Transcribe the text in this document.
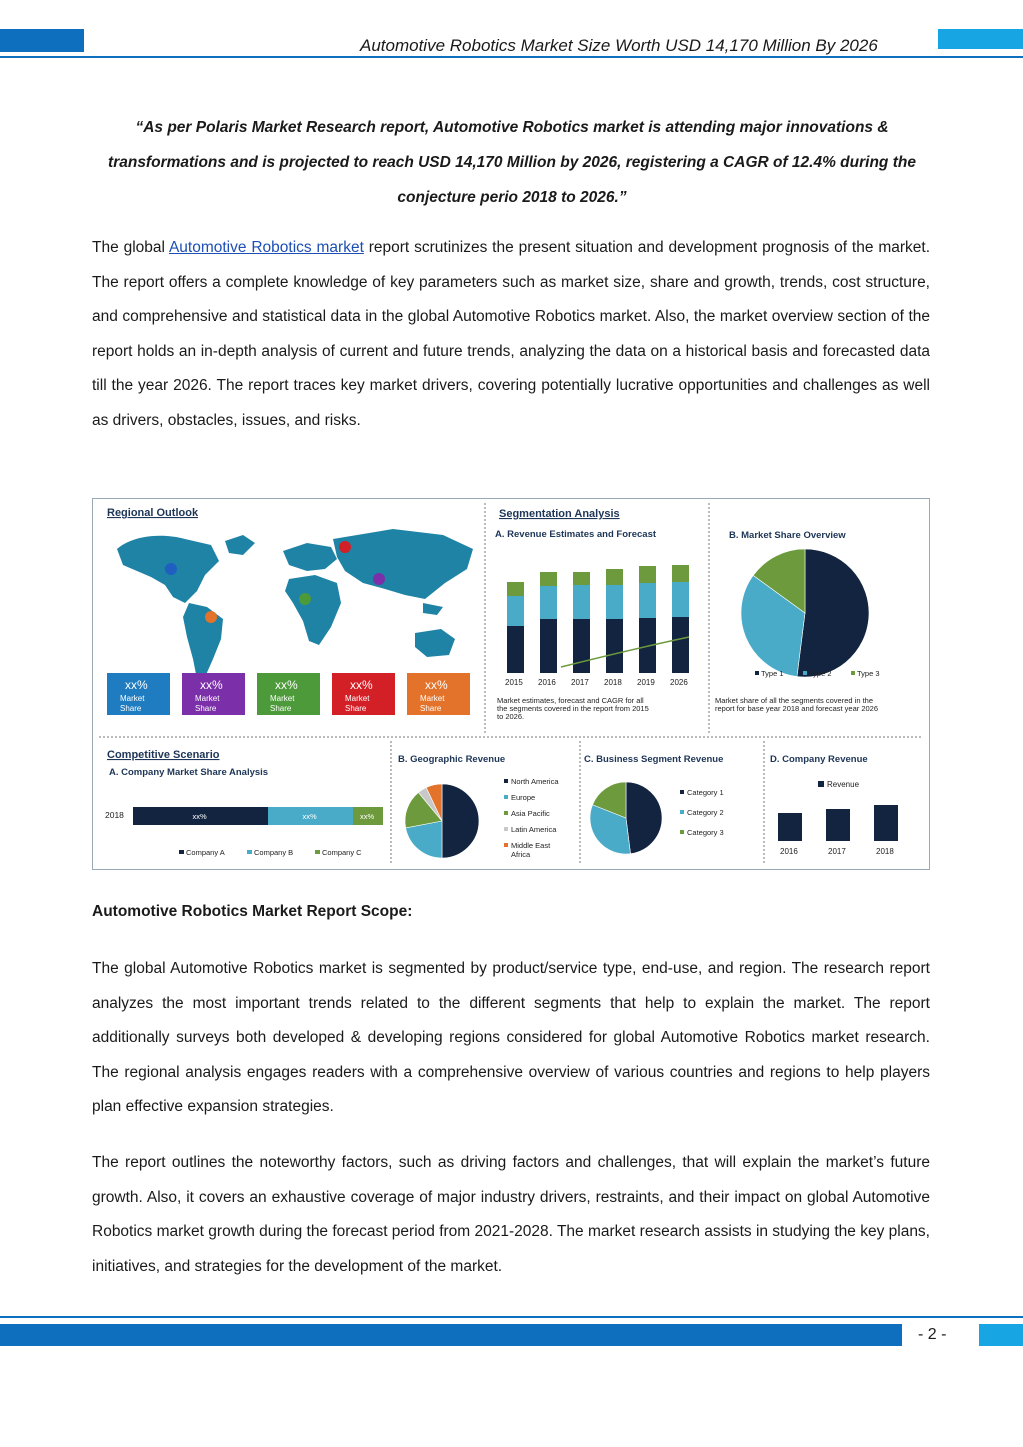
Automotive Robotics Market Size Worth USD 14,170 Million By 2026
“As per Polaris Market Research report, Automotive Robotics market is attending major innovations & transformations and is projected to reach USD 14,170 Million by 2026, registering a CAGR of 12.4% during the conjecture perio 2018 to 2026.”
The global Automotive Robotics market report scrutinizes the present situation and development prognosis of the market. The report offers a complete knowledge of key parameters such as market size, share and growth, trends, cost structure, and comprehensive and statistical data in the global Automotive Robotics market. Also, the market overview section of the report holds an in-depth analysis of current and future trends, analyzing the data on a historical basis and forecasted data till the year 2026. The report traces key market drivers, covering potentially lucrative opportunities and challenges as well as drivers, obstacles, issues, and risks.
Regional Outlook
xx%
Market
Share
xx%
Market
Share
xx%
Market
Share
xx%
Market
Share
xx%
Market
Share
Segmentation Analysis
A. Revenue Estimates and Forecast
2015 2016 2017 2018 2019 2026
Market estimates, forecast and CAGR for all
the segments covered in the report from 2015
to 2026.
B. Market Share Overview
Type 1	Type 2	Type 3
Market share of all the segments covered in the
report for base year 2018 and forecast year 2026
Competitive Scenario
A. Company Market Share Analysis
2018	xx%	xx%	xx%
Company A	Company B	Company C
B. Geographic Revenue
North America
Europe
Asia Pacific
Latin America
Middle East
Africa
C. Business Segment Revenue
Category 1
Category 2
Category 3
D. Company Revenue
Revenue
2016	2017	2018
Automotive Robotics Market Report Scope:
The global Automotive Robotics market is segmented by product/service type, end-use, and region. The research report analyzes the most important trends related to the different segments that help to explain the market. The report additionally surveys both developed & developing regions considered for global Automotive Robotics market research. The regional analysis engages readers with a comprehensive overview of various countries and regions to help players plan effective expansion strategies.
The report outlines the noteworthy factors, such as driving factors and challenges, that will explain the market’s future growth. Also, it covers an exhaustive coverage of major industry drivers, restraints, and their impact on global Automotive Robotics market growth during the forecast period from 2021-2028. The market research assists in studying the key plans, initiatives, and strategies for the development of the market.
- 2 -
